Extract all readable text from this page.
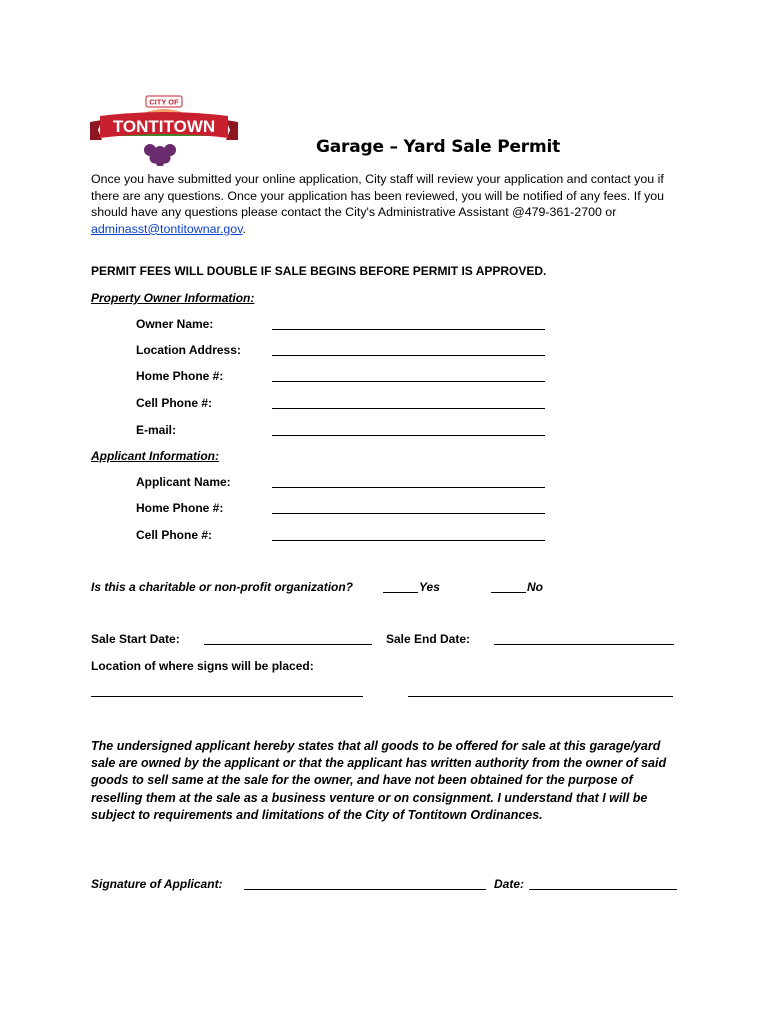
CITY OF
TONTITOWN
Garage – Yard Sale Permit
Once you have submitted your online application, City staff will review your application and contact you if there are any questions. Once your application has been reviewed, you will be notified of any fees. If you should have any questions please contact the City's Administrative Assistant @479-361-2700 or adminasst@tontitownar.gov.
PERMIT FEES WILL DOUBLE IF SALE BEGINS BEFORE PERMIT IS APPROVED.
Property Owner Information:
Owner Name:
Location Address:
Home Phone #:
Cell Phone #:
E-mail:
Applicant Information:
Applicant Name:
Home Phone #:
Cell Phone #:
Is this a charitable or non-profit organization?	Yes	No
Sale Start Date:	Sale End Date:
Location of where signs will be placed:
The undersigned applicant hereby states that all goods to be offered for sale at this garage/yard sale are owned by the applicant or that the applicant has written authority from the owner of said goods to sell same at the sale for the owner, and have not been obtained for the purpose of reselling them at the sale as a business venture or on consignment. I understand that I will be subject to requirements and limitations of the City of Tontitown Ordinances.
Signature of Applicant:	Date:
